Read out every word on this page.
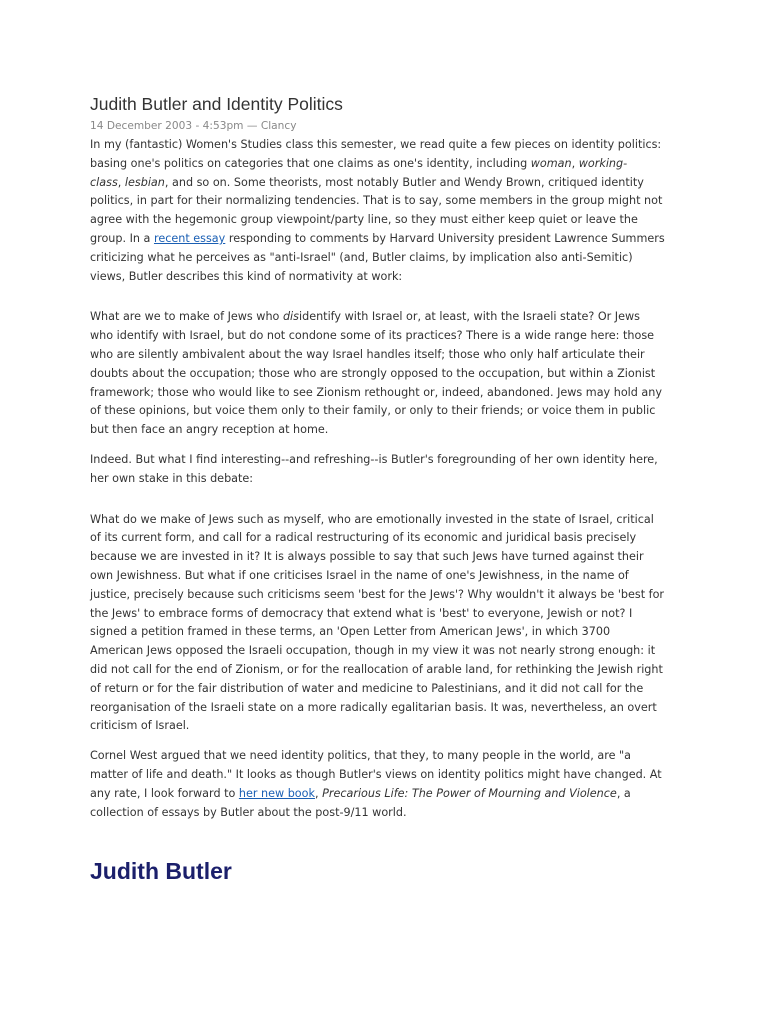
Judith Butler and Identity Politics
14 December 2003 - 4:53pm — Clancy

In my (fantastic) Women's Studies class this semester, we read quite a few pieces on identity politics:
basing one's politics on categories that one claims as one's identity, including woman, working-
class, lesbian, and so on. Some theorists, most notably Butler and Wendy Brown, critiqued identity
politics, in part for their normalizing tendencies. That is to say, some members in the group might not
agree with the hegemonic group viewpoint/party line, so they must either keep quiet or leave the
group. In a recent essay responding to comments by Harvard University president Lawrence Summers
criticizing what he perceives as "anti-Israel" (and, Butler claims, by implication also anti-Semitic)
views, Butler describes this kind of normativity at work:

What are we to make of Jews who disidentify with Israel or, at least, with the Israeli state? Or Jews
who identify with Israel, but do not condone some of its practices? There is a wide range here: those
who are silently ambivalent about the way Israel handles itself; those who only half articulate their
doubts about the occupation; those who are strongly opposed to the occupation, but within a Zionist
framework; those who would like to see Zionism rethought or, indeed, abandoned. Jews may hold any
of these opinions, but voice them only to their family, or only to their friends; or voice them in public
but then face an angry reception at home.

Indeed. But what I find interesting--and refreshing--is Butler's foregrounding of her own identity here,
her own stake in this debate:

What do we make of Jews such as myself, who are emotionally invested in the state of Israel, critical
of its current form, and call for a radical restructuring of its economic and juridical basis precisely
because we are invested in it? It is always possible to say that such Jews have turned against their
own Jewishness. But what if one criticises Israel in the name of one's Jewishness, in the name of
justice, precisely because such criticisms seem 'best for the Jews'? Why wouldn't it always be 'best for
the Jews' to embrace forms of democracy that extend what is 'best' to everyone, Jewish or not? I
signed a petition framed in these terms, an 'Open Letter from American Jews', in which 3700
American Jews opposed the Israeli occupation, though in my view it was not nearly strong enough: it
did not call for the end of Zionism, or for the reallocation of arable land, for rethinking the Jewish right
of return or for the fair distribution of water and medicine to Palestinians, and it did not call for the
reorganisation of the Israeli state on a more radically egalitarian basis. It was, nevertheless, an overt
criticism of Israel.

Cornel West argued that we need identity politics, that they, to many people in the world, are "a
matter of life and death." It looks as though Butler's views on identity politics might have changed. At
any rate, I look forward to her new book, Precarious Life: The Power of Mourning and Violence, a
collection of essays by Butler about the post-9/11 world.

Judith Butler
